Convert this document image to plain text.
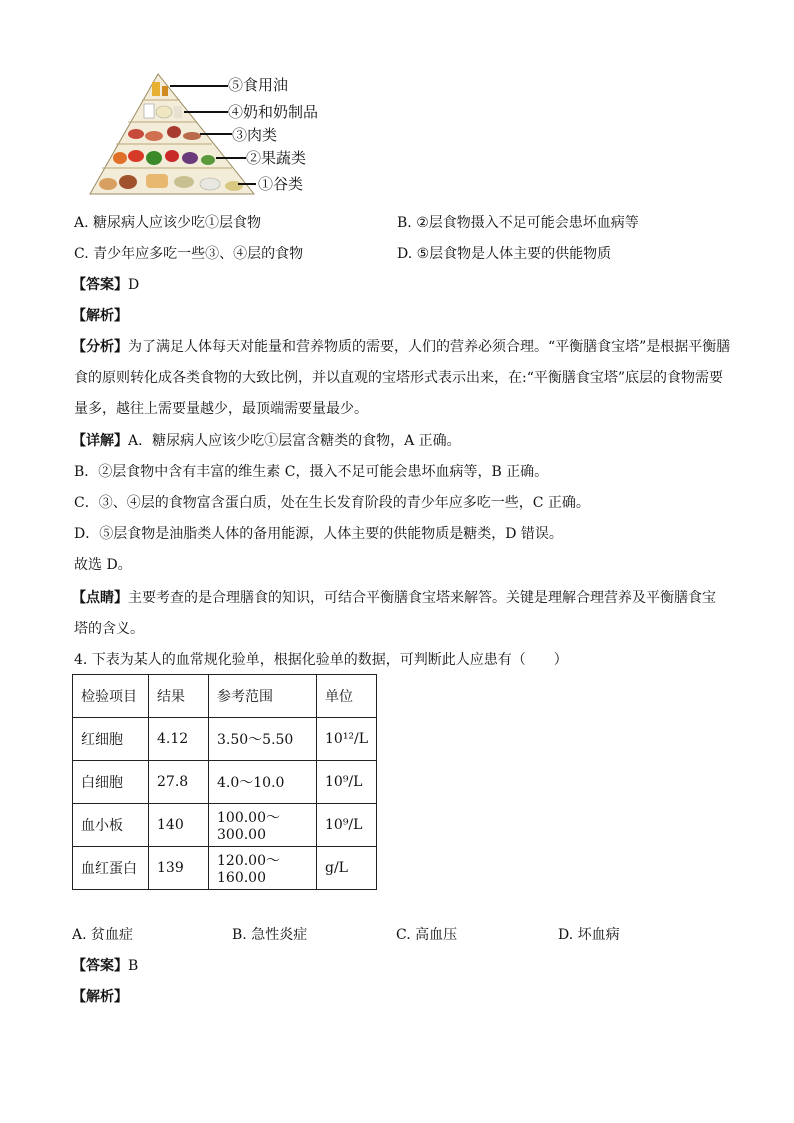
⑤食用油
④奶和奶制品
③肉类
②果蔬类
①谷类
A. 糖尿病人应该少吃①层食物	B. ②层食物摄入不足可能会患坏血病等
C. 青少年应多吃一些③、④层的食物	D. ⑤层食物是人体主要的供能物质
【答案】D
【解析】
【分析】为了满足人体每天对能量和营养物质的需要，人们的营养必须合理。“平衡膳食宝塔”是根据平衡膳
食的原则转化成各类食物的大致比例，并以直观的宝塔形式表示出来，在:“平衡膳食宝塔”底层的食物需要
量多，越往上需要量越少，最顶端需要量最少。
【详解】A．糖尿病人应该少吃①层富含糖类的食物，A 正确。
B．②层食物中含有丰富的维生素 C，摄入不足可能会患坏血病等，B 正确。
C．③、④层的食物富含蛋白质，处在生长发育阶段的青少年应多吃一些，C 正确。
D．⑤层食物是油脂类人体的备用能源，人体主要的供能物质是糖类，D 错误。
故选 D。
【点睛】主要考查的是合理膳食的知识，可结合平衡膳食宝塔来解答。关键是理解合理营养及平衡膳食宝
塔的含义。
4. 下表为某人的血常规化验单，根据化验单的数据，可判断此人应患有（　　）
检验项目	结果	参考范围	单位
红细胞	4.12	3.50～5.50	10¹²/L
白细胞	27.8	4.0～10.0	10⁹/L
血小板	140	100.00～300.00	10⁹/L
血红蛋白	139	120.00～160.00	g/L
A. 贫血症	B. 急性炎症	C. 高血压	D. 坏血病
【答案】B
【解析】
